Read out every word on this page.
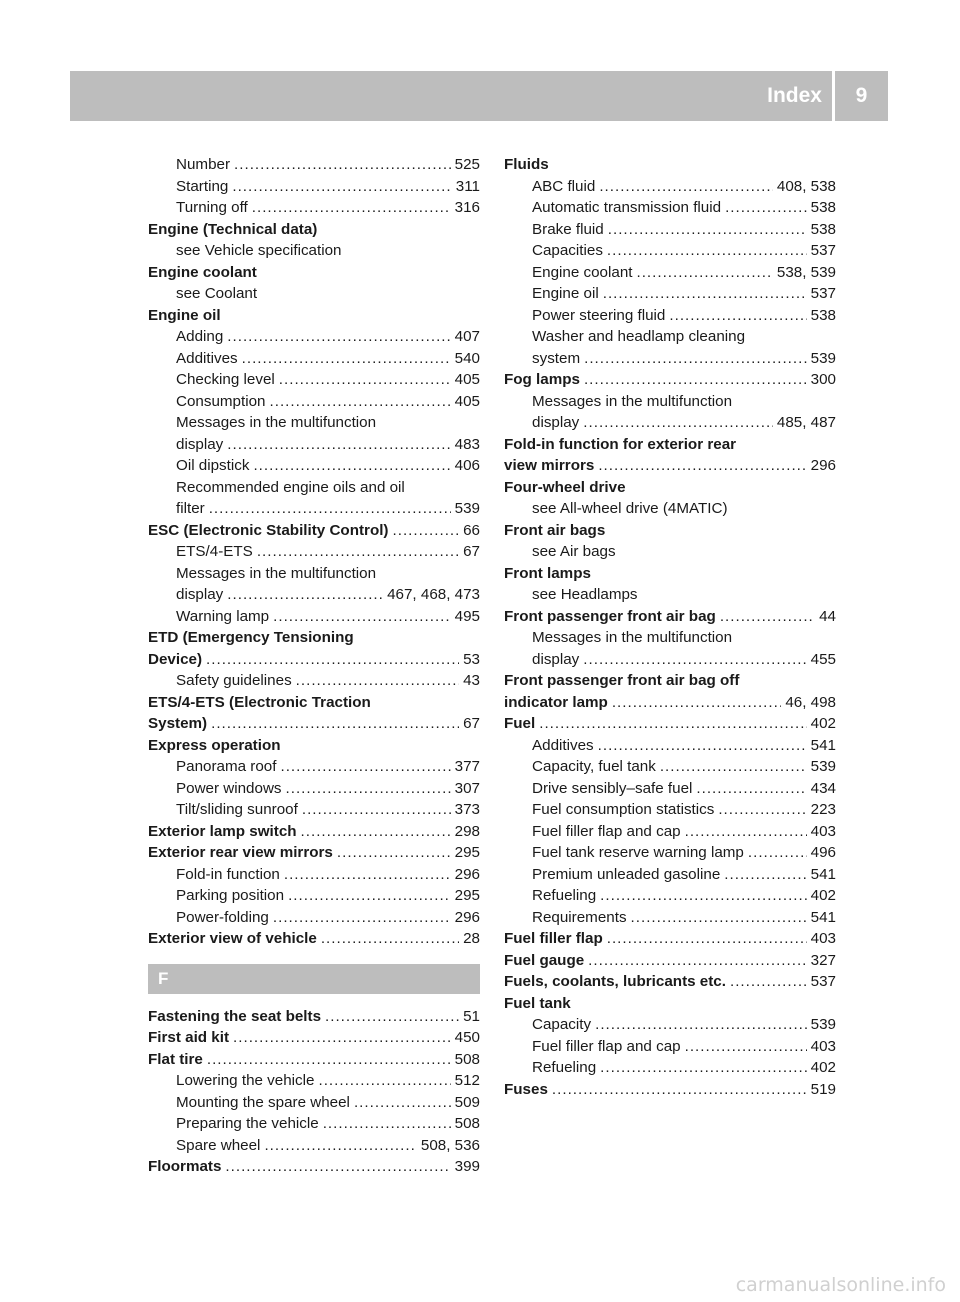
Index	9
Number .....	525
Starting .....	311
Turning off .....	316
Engine (Technical data)
see Vehicle specification
Engine coolant
see Coolant
Engine oil
Adding .....	407
Additives .....	540
Checking level .....	405
Consumption .....	405
Messages in the multifunction
display .....	483
Oil dipstick .....	406
Recommended engine oils and oil
filter .....	539
ESC (Electronic Stability Control) .....	66
ETS/4-ETS .....	67
Messages in the multifunction
display .....	467, 468, 473
Warning lamp .....	495
ETD (Emergency Tensioning
Device) .....	53
Safety guidelines .....	43
ETS/4-ETS (Electronic Traction
System) .....	67
Express operation
Panorama roof .....	377
Power windows .....	307
Tilt/sliding sunroof .....	373
Exterior lamp switch .....	298
Exterior rear view mirrors .....	295
Fold-in function .....	296
Parking position .....	295
Power-folding .....	296
Exterior view of vehicle .....	28
F
Fastening the seat belts .....	51
First aid kit .....	450
Flat tire .....	508
Lowering the vehicle .....	512
Mounting the spare wheel .....	509
Preparing the vehicle .....	508
Spare wheel .....	508, 536
Floormats .....	399
Fluids
ABC fluid .....	408, 538
Automatic transmission fluid .....	538
Brake fluid .....	538
Capacities .....	537
Engine coolant .....	538, 539
Engine oil .....	537
Power steering fluid .....	538
Washer and headlamp cleaning
system .....	539
Fog lamps .....	300
Messages in the multifunction
display .....	485, 487
Fold-in function for exterior rear
view mirrors .....	296
Four-wheel drive
see All-wheel drive (4MATIC)
Front air bags
see Air bags
Front lamps
see Headlamps
Front passenger front air bag .....	44
Messages in the multifunction
display .....	455
Front passenger front air bag off
indicator lamp .....	46, 498
Fuel .....	402
Additives .....	541
Capacity, fuel tank .....	539
Drive sensibly–safe fuel .....	434
Fuel consumption statistics .....	223
Fuel filler flap and cap .....	403
Fuel tank reserve warning lamp .....	496
Premium unleaded gasoline .....	541
Refueling .....	402
Requirements .....	541
Fuel filler flap .....	403
Fuel gauge .....	327
Fuels, coolants, lubricants etc. .....	537
Fuel tank
Capacity .....	539
Fuel filler flap and cap .....	403
Refueling .....	402
Fuses .....	519
carmanualsonline.info
